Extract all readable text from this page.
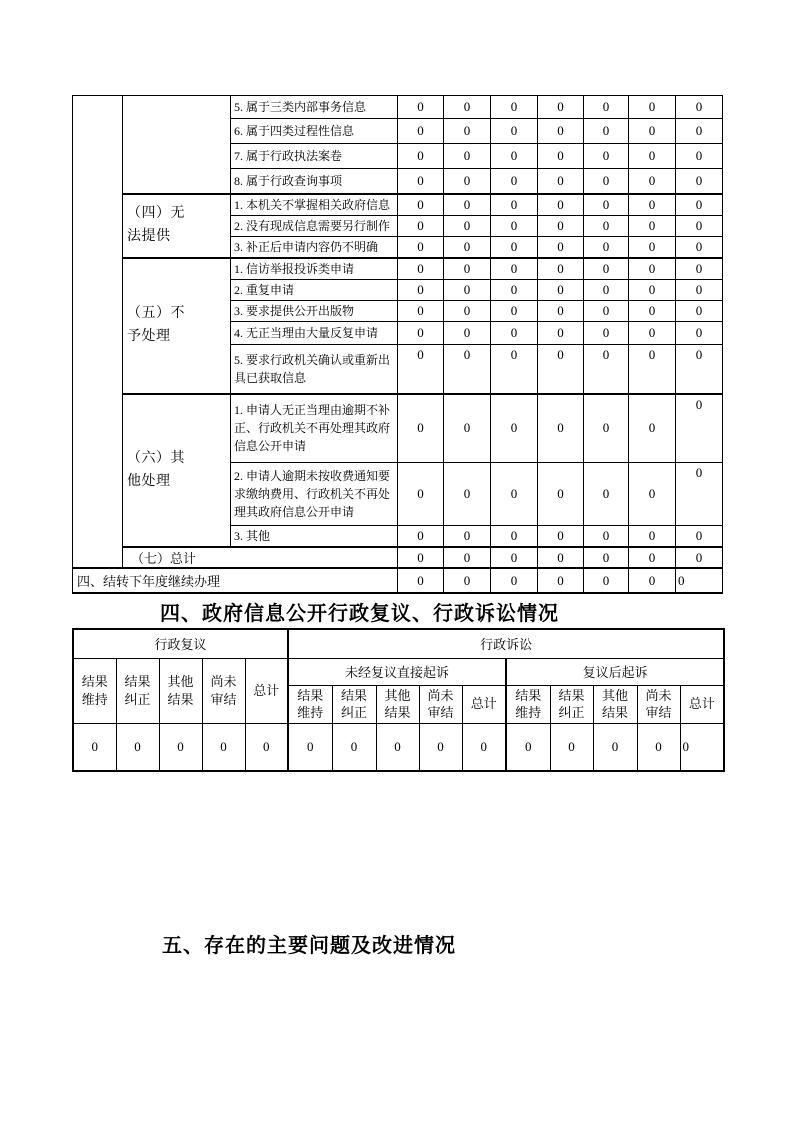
		5. 属于三类内部事务信息	0	0	0	0	0	0	0
		6. 属于四类过程性信息	0	0	0	0	0	0	0
		7. 属于行政执法案卷	0	0	0	0	0	0	0
		8. 属于行政查询事项	0	0	0	0	0	0	0
	（四）无法提供	1. 本机关不掌握相关政府信息	0	0	0	0	0	0	0
		2. 没有现成信息需要另行制作	0	0	0	0	0	0	0
		3. 补正后申请内容仍不明确	0	0	0	0	0	0	0
	（五）不予处理	1. 信访举报投诉类申请	0	0	0	0	0	0	0
		2. 重复申请	0	0	0	0	0	0	0
		3. 要求提供公开出版物	0	0	0	0	0	0	0
		4. 无正当理由大量反复申请	0	0	0	0	0	0	0
		5. 要求行政机关确认或重新出具已获取信息	0	0	0	0	0	0	0
	（六）其他处理	1. 申请人无正当理由逾期不补正、行政机关不再处理其政府信息公开申请	0	0	0	0	0	0	0
		2. 申请人逾期未按收费通知要求缴纳费用、行政机关不再处理其政府信息公开申请	0	0	0	0	0	0	0
		3. 其他	0	0	0	0	0	0	0
	（七）总计		0	0	0	0	0	0	0
四、结转下年度继续办理			0	0	0	0	0	0	0
四、政府信息公开行政复议、行政诉讼情况
行政复议					行政诉讼									
结果维持	结果纠正	其他结果	尚未审结	总计	未经复议直接起诉					复议后起诉				
					结果维持	结果纠正	其他结果	尚未审结	总计	结果维持	结果纠正	其他结果	尚未审结	总计
0	0	0	0	0	0	0	0	0	0	0	0	0	0	0
五、存在的主要问题及改进情况
